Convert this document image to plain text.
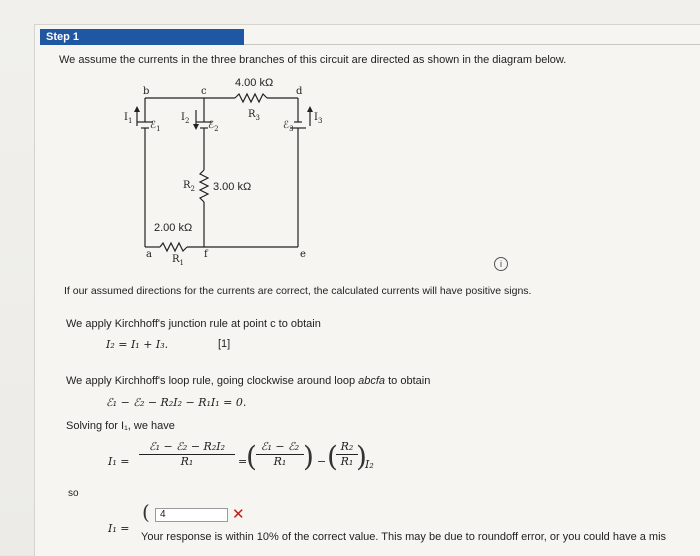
Step 1
We assume the currents in the three branches of this circuit are directed as shown in the diagram below.
4.00 kΩ
3.00 kΩ
2.00 kΩ
b	c	d
a	f	e
$I_1$	$I_2$	$I_3$
ℰ$_1$	ℰ$_2$	ℰ$_3$
$R_1$
$R_2$
$R_3$
i
If our assumed directions for the currents are correct, the calculated currents will have positive signs.
We apply Kirchhoff's junction rule at point c to obtain
I₂ = I₁ + I₃.	[1]
We apply Kirchhoff's loop rule, going clockwise around loop abcfa to obtain
ℰ₁ − ℰ₂ − R₂I₂ − R₁I₁ = 0.
Solving for I₁, we have
I₁ =
ℰ₁ − ℰ₂ − R₂I₂
R₁	=
( ℰ₁ − ℰ₂
R₁ ) − (
$\frac{\text{R₂}}{\text{R₁}}$
)
I₂
so
I₁ =
(	4	✕
Your response is within 10% of the correct value. This may be due to roundoff error, or you could have a mis
